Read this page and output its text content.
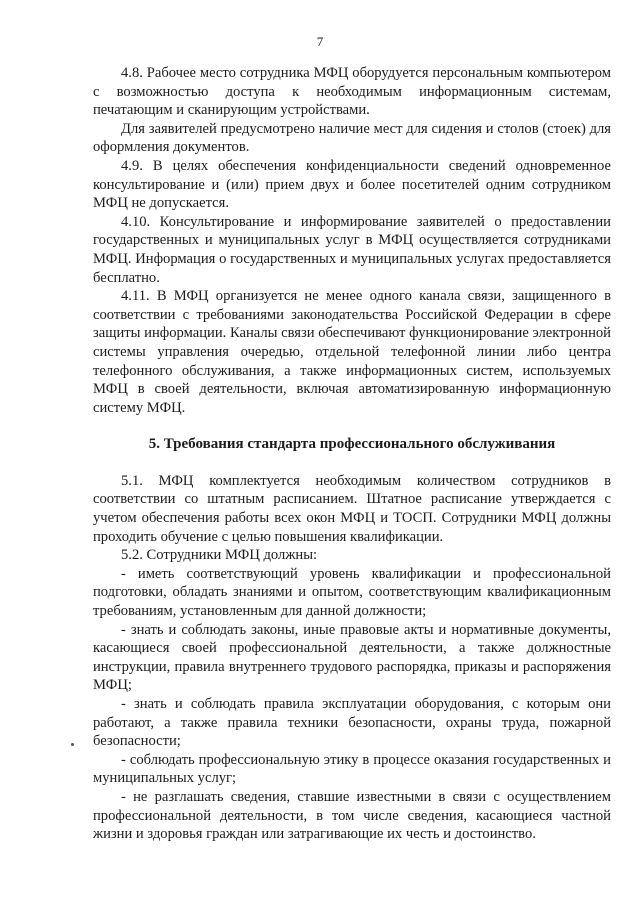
7

4.8. Рабочее место сотрудника МФЦ оборудуется персональным компьютером с возможностью доступа к необходимым информационным системам, печатающим и сканирующим устройствами.

Для заявителей предусмотрено наличие мест для сидения и столов (стоек) для оформления документов.

4.9. В целях обеспечения конфиденциальности сведений одновременное консультирование и (или) прием двух и более посетителей одним сотрудником МФЦ не допускается.

4.10. Консультирование и информирование заявителей о предоставлении государственных и муниципальных услуг в МФЦ осуществляется сотрудниками МФЦ. Информация о государственных и муниципальных услугах предоставляется бесплатно.

4.11. В МФЦ организуется не менее одного канала связи, защищенного в соответствии с требованиями законодательства Российской Федерации в сфере защиты информации. Каналы связи обеспечивают функционирование электронной системы управления очередью, отдельной телефонной линии либо центра телефонного обслуживания, а также информационных систем, используемых МФЦ в своей деятельности, включая автоматизированную информационную систему МФЦ.

5. Требования стандарта профессионального обслуживания

5.1. МФЦ комплектуется необходимым количеством сотрудников в соответствии со штатным расписанием. Штатное расписание утверждается с учетом обеспечения работы всех окон МФЦ и ТОСП. Сотрудники МФЦ должны проходить обучение с целью повышения квалификации.

5.2. Сотрудники МФЦ должны:

- иметь соответствующий уровень квалификации и профессиональной подготовки, обладать знаниями и опытом, соответствующим квалификационным требованиям, установленным для данной должности;

- знать и соблюдать законы, иные правовые акты и нормативные документы, касающиеся своей профессиональной деятельности, а также должностные инструкции, правила внутреннего трудового распорядка, приказы и распоряжения МФЦ;

- знать и соблюдать правила эксплуатации оборудования, с которым они работают, а также правила техники безопасности, охраны труда, пожарной безопасности;

- соблюдать профессиональную этику в процессе оказания государственных и муниципальных услуг;

- не разглашать сведения, ставшие известными в связи с осуществлением профессиональной деятельности, в том числе сведения, касающиеся частной жизни и здоровья граждан или затрагивающие их честь и достоинство.
